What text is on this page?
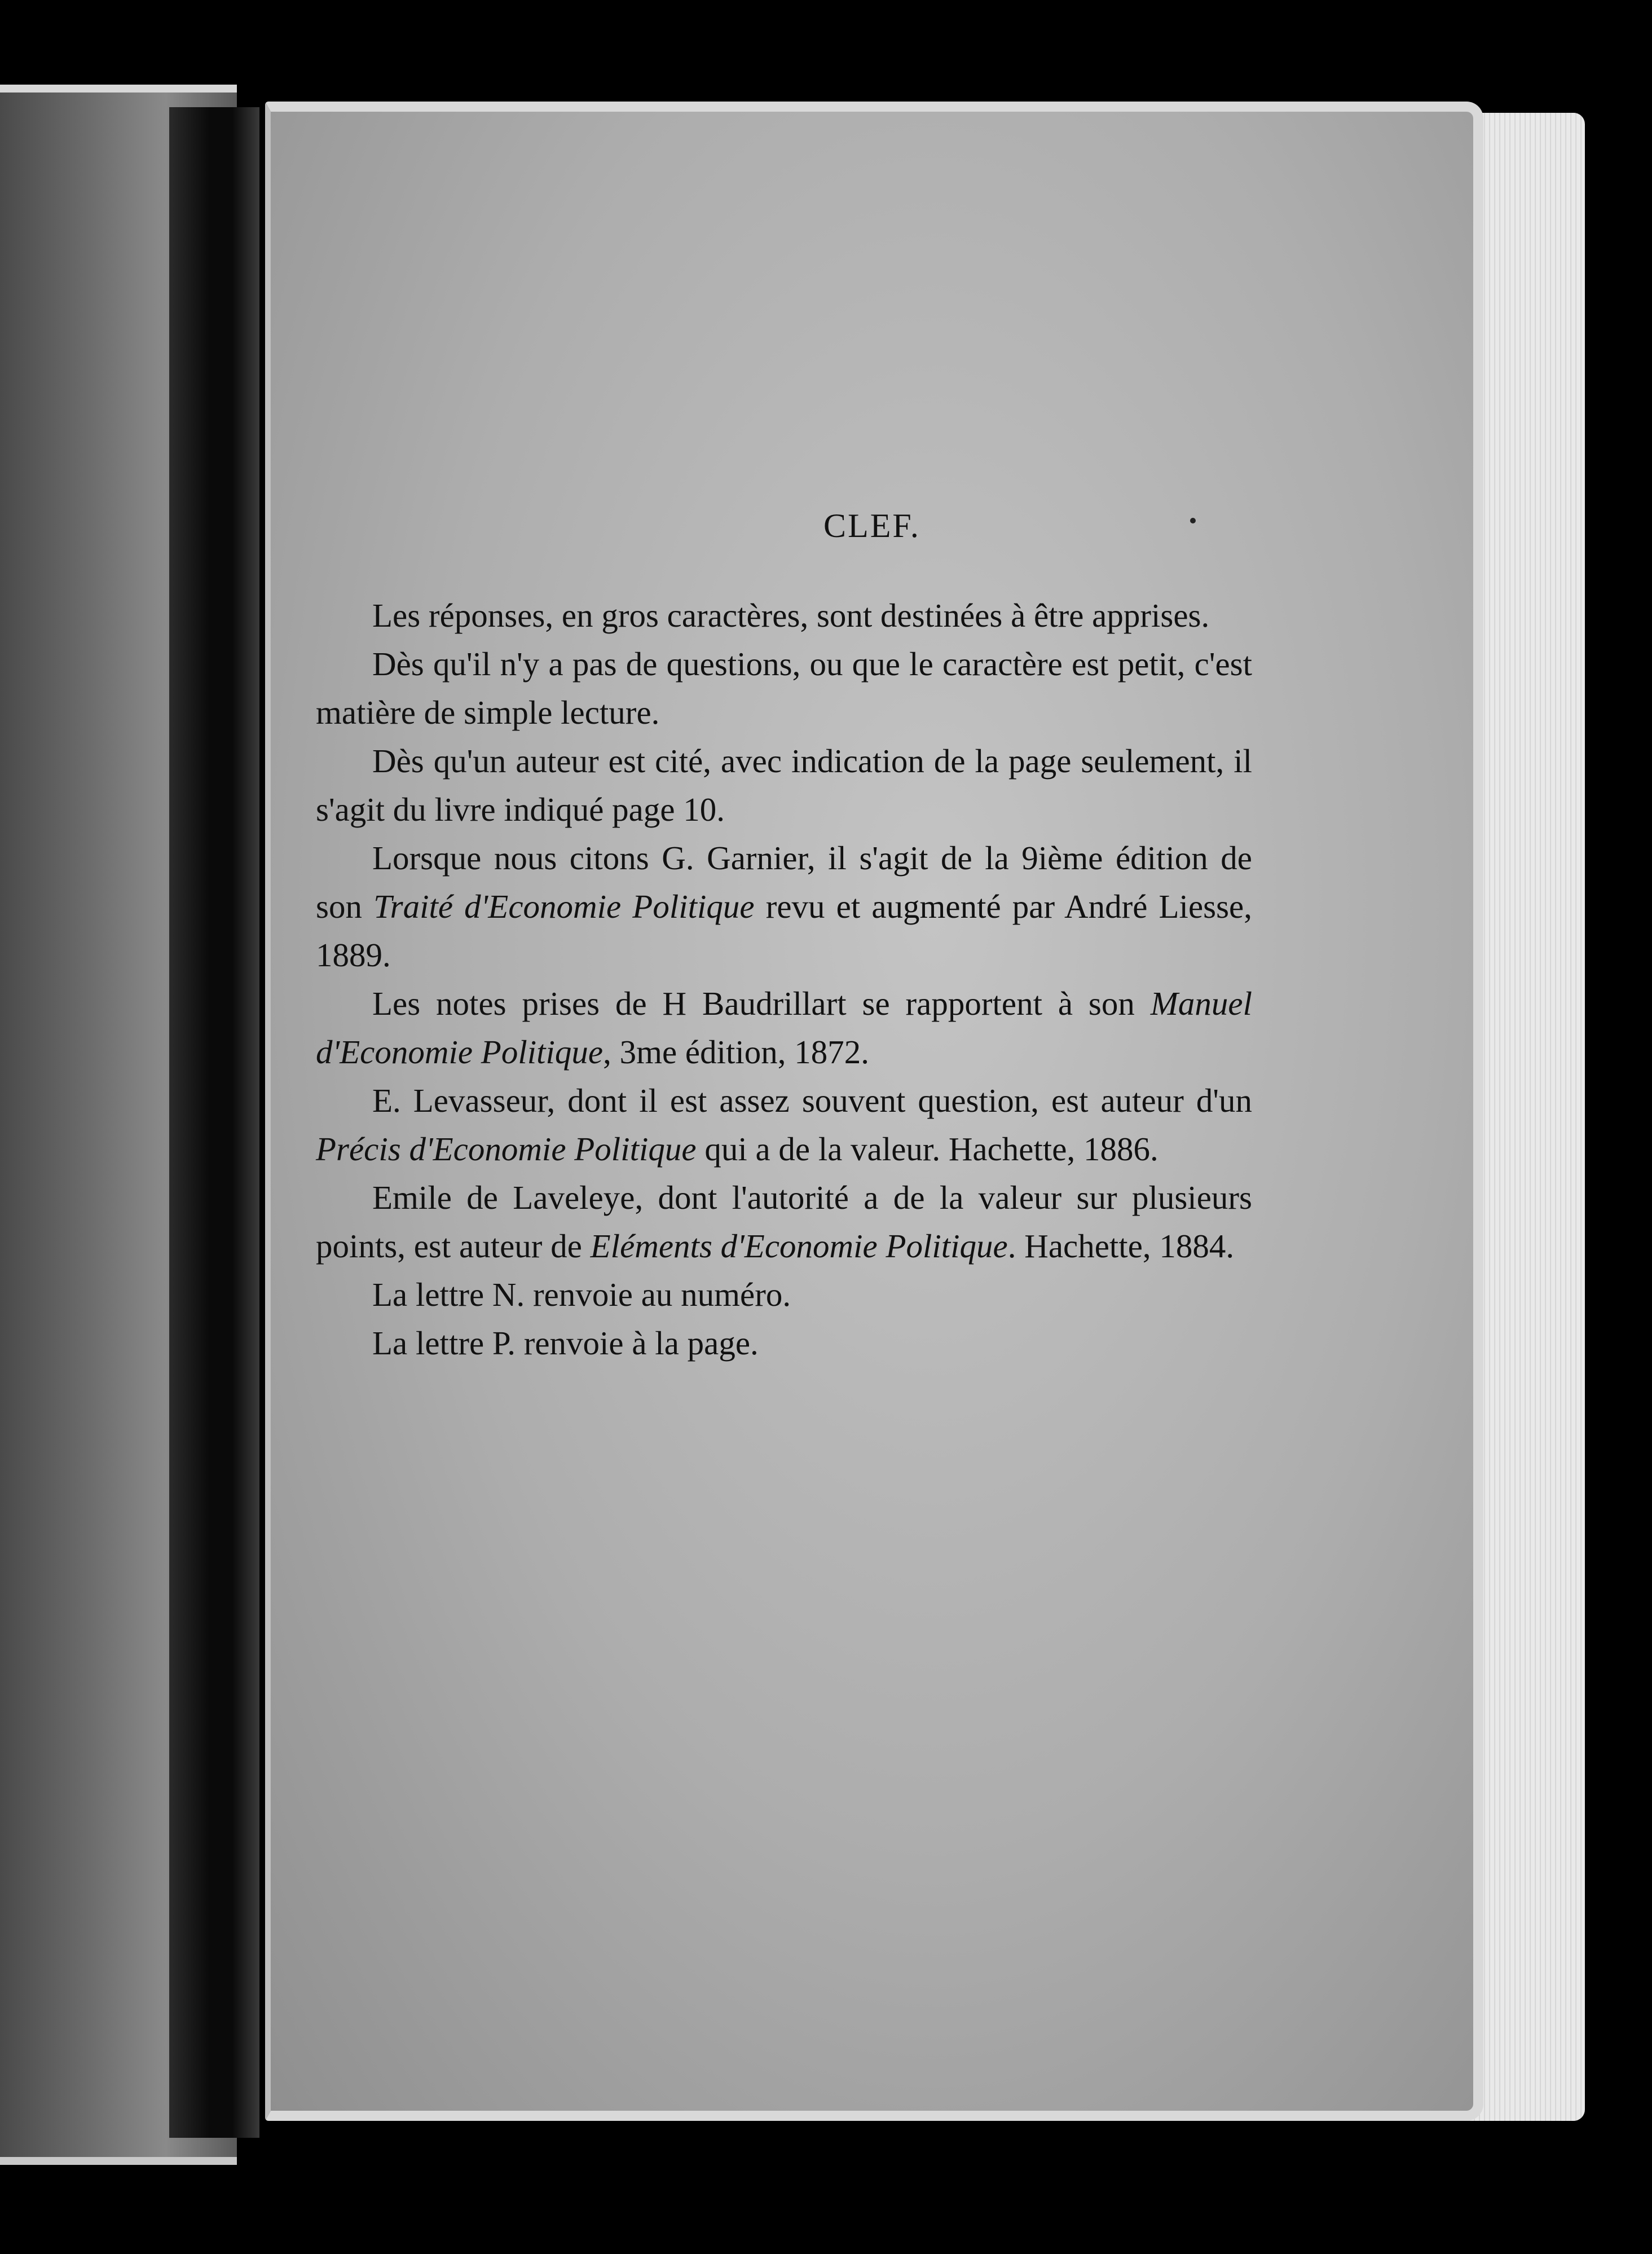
CLEF.

Les réponses, en gros caractères, sont destinées à être apprises.

Dès qu'il n'y a pas de questions, ou que le caractère est petit, c'est matière de simple lecture.

Dès qu'un auteur est cité, avec indication de la page seulement, il s'agit du livre indiqué page 10.

Lorsque nous citons G. Garnier, il s'agit de la 9ième édition de son Traité d'Economie Politique revu et augmenté par André Liesse, 1889.

Les notes prises de H Baudrillart se rapportent à son Manuel d'Economie Politique, 3me édition, 1872.

E. Levasseur, dont il est assez souvent question, est auteur d'un Précis d'Economie Politique qui a de la valeur. Hachette, 1886.

Emile de Laveleye, dont l'autorité a de la valeur sur plusieurs points, est auteur de Eléments d'Economie Politique. Hachette, 1884.

La lettre N. renvoie au numéro.

La lettre P. renvoie à la page.
